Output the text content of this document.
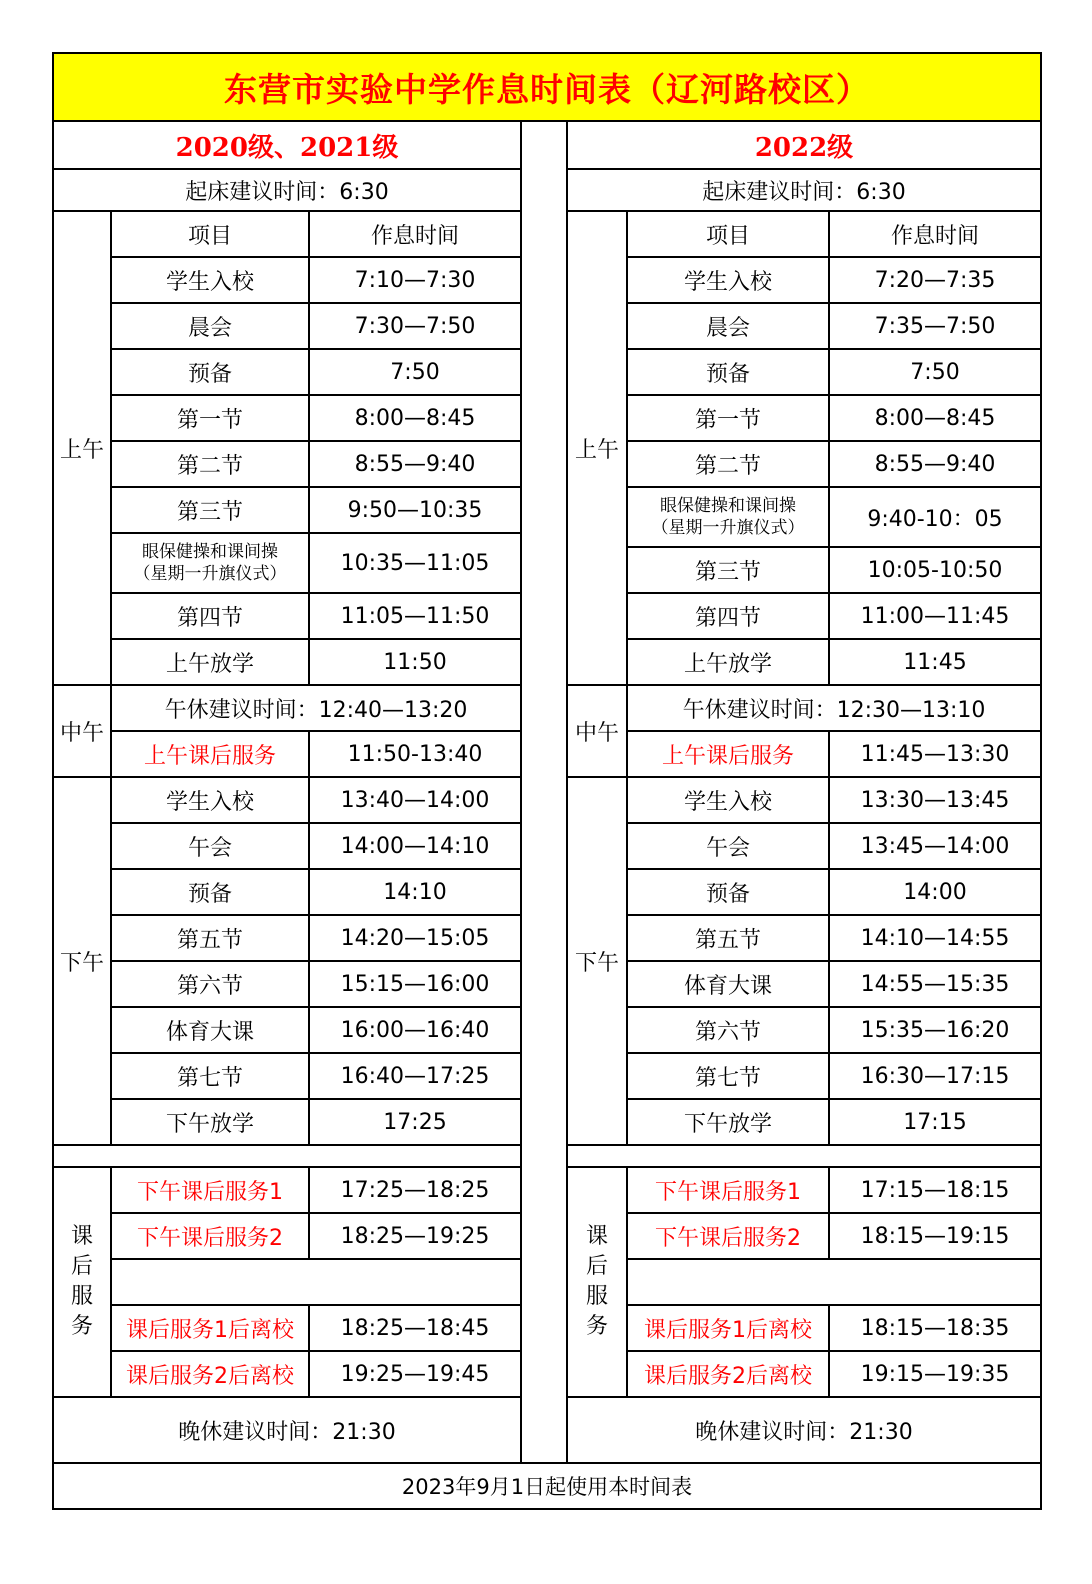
东营市实验中学作息时间表（辽河路校区）
2020级、2021级
起床建议时间：6:30
项目	作息时间
学生入校	7:10—7:30
晨会	7:30—7:50
预备	7:50
第一节	8:00—8:45
第二节	8:55—9:40
第三节	9:50—10:35
眼保健操和课间操
（星期一升旗仪式）	10:35—11:05
第四节	11:05—11:50
上午放学	11:50
上午
午休建议时间：12:40—13:20
上午课后服务	11:50-13:40
中午
学生入校	13:40—14:00
午会	14:00—14:10
预备	14:10
第五节	14:20—15:05
第六节	15:15—16:00
体育大课	16:00—16:40
第七节	16:40—17:25
下午放学	17:25
下午
下午课后服务1	17:25—18:25
下午课后服务2	18:25—19:25
课后服务1后离校	18:25—18:45
课后服务2后离校	19:25—19:45
课
后
服
务
晚休建议时间：21:30
2022级
起床建议时间：6:30
项目	作息时间
学生入校	7:20—7:35
晨会	7:35—7:50
预备	7:50
第一节	8:00—8:45
第二节	8:55—9:40
眼保健操和课间操
（星期一升旗仪式）	9:40-10：05
第三节	10:05-10:50
第四节	11:00—11:45
上午放学	11:45
上午
午休建议时间：12:30—13:10
上午课后服务	11:45—13:30
中午
学生入校	13:30—13:45
午会	13:45—14:00
预备	14:00
第五节	14:10—14:55
体育大课	14:55—15:35
第六节	15:35—16:20
第七节	16:30—17:15
下午放学	17:15
下午
下午课后服务1	17:15—18:15
下午课后服务2	18:15—19:15
课后服务1后离校	18:15—18:35
课后服务2后离校	19:15—19:35
课
后
服
务
晚休建议时间：21:30
2023年9月1日起使用本时间表
